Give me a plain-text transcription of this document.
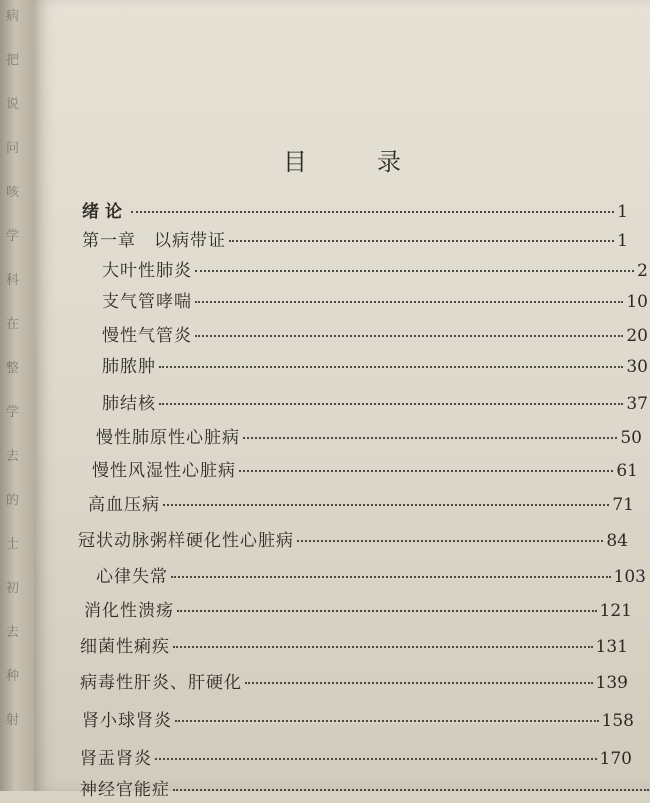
病
把
说
问
咳
学
科
在
整
学
去
的
士
初
去
种
射
目录
绪论	1
第一章　以病带证	1
大叶性肺炎	2
支气管哮喘	10
慢性气管炎	20
肺脓肿	30
肺结核	37
慢性肺原性心脏病	50
慢性风湿性心脏病	61
高血压病	71
冠状动脉粥样硬化性心脏病	84
心律失常	103
消化性溃疡	121
细菌性痢疾	131
病毒性肝炎、肝硬化	139
肾小球肾炎	158
肾盂肾炎	170
神经官能症
